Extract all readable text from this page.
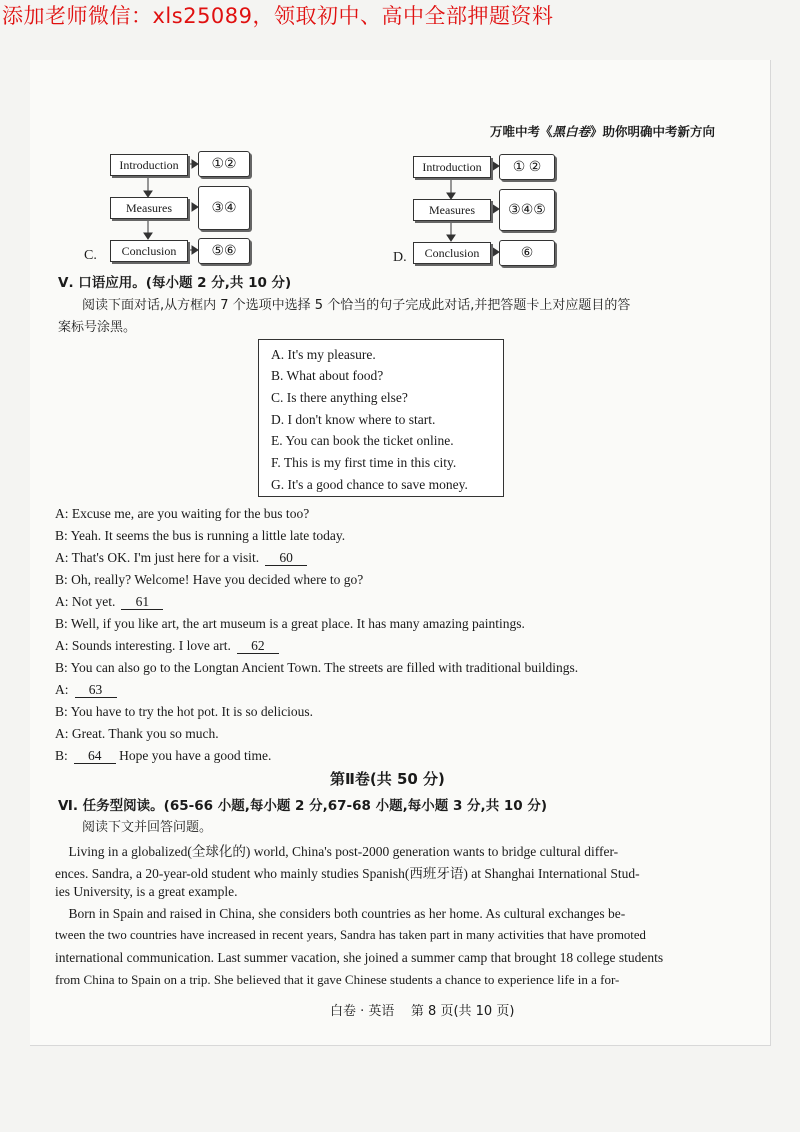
添加老师微信：xls25089，领取初中、高中全部押题资料
万唯中考《黑白卷》助你明确中考新方向
Introduction
Measures
Conclusion
①②
③④
⑤⑥
C.
Introduction
Measures
Conclusion
① ②
③④⑤
⑥
D.
Ⅴ. 口语应用。(每小题 2 分,共 10 分)
阅读下面对话,从方框内 7 个选项中选择 5 个恰当的句子完成此对话,并把答题卡上对应题目的答
案标号涂黑。
A. It's my pleasure.
B. What about food?
C. Is there anything else?
D. I don't know where to start.
E. You can book the ticket online.
F. This is my first time in this city.
G. It's a good chance to save money.
A: Excuse me, are you waiting for the bus too?
B: Yeah. It seems the bus is running a little late today.
A: That's OK. I'm just here for a visit. 60
B: Oh, really? Welcome! Have you decided where to go?
A: Not yet. 61
B: Well, if you like art, the art museum is a great place. It has many amazing paintings.
A: Sounds interesting. I love art. 62
B: You can also go to the Longtan Ancient Town. The streets are filled with traditional buildings.
A: 63
B: You have to try the hot pot. It is so delicious.
A: Great. Thank you so much.
B: 64 Hope you have a good time.
第Ⅱ卷(共 50 分)
Ⅵ. 任务型阅读。(65-66 小题,每小题 2 分,67-68 小题,每小题 3 分,共 10 分)
阅读下文并回答问题。
Living in a globalized(全球化的) world, China's post-2000 generation wants to bridge cultural differ-
ences. Sandra, a 20-year-old student who mainly studies Spanish(西班牙语) at Shanghai International Stud-
ies University, is a great example.
Born in Spain and raised in China, she considers both countries as her home. As cultural exchanges be-
tween the two countries have increased in recent years, Sandra has taken part in many activities that have promoted
international communication. Last summer vacation, she joined a summer camp that brought 18 college students
from China to Spain on a trip. She believed that it gave Chinese students a chance to experience life in a for-
白卷 · 英语    第 8 页(共 10 页)
